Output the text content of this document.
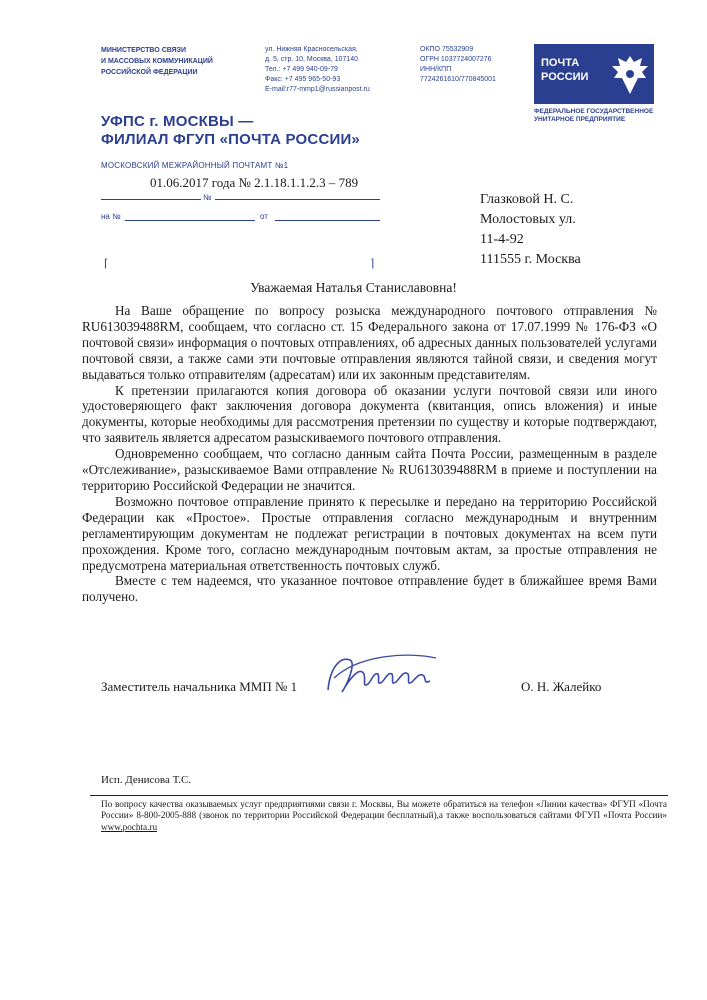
МИНИСТЕРСТВО СВЯЗИ
И МАССОВЫХ КОММУНИКАЦИЙ
РОССИЙСКОЙ ФЕДЕРАЦИИ
ул. Нижняя Красносельская,
д. 5, стр. 10, Москва, 107140
Тел.: +7 499 940-09-79
Факс: +7 495 965-50-93
E-mail:r77-mmp1@russianpost.ru
ОКПО 75532909
ОГРН 1037724007276
ИНН/КПП
7724261610/770845001
ПОЧТА
РОССИИ
ФЕДЕРАЛЬНОЕ ГОСУДАРСТВЕННОЕ
УНИТАРНОЕ ПРЕДПРИЯТИЕ
УФПС г. МОСКВЫ —
ФИЛИАЛ ФГУП «ПОЧТА РОССИИ»
МОСКОВСКИЙ МЕЖРАЙОННЫЙ ПОЧТАМТ №1
01.06.2017 года № 2.1.18.1.1.2.3 – 789
№
на №	от
⌈	⌉
Глазковой Н. С.
Молостовых ул.
11-4-92
111555 г. Москва
Уважаемая Наталья Станиславовна!

На Ваше обращение по вопросу розыска международного почтового отправления № RU613039488RM, сообщаем, что согласно ст. 15 Федерального закона от 17.07.1999 № 176-ФЗ «О почтовой связи» информация о почтовых отправлениях, об адресных данных пользователей услугами почтовой связи, а также сами эти почтовые отправления являются тайной связи, и сведения могут выдаваться только отправителям (адресатам) или их законным представителям.

К претензии прилагаются копия договора об оказании услуги почтовой связи или иного удостоверяющего факт заключения договора документа (квитанция, опись вложения) и иные документы, которые необходимы для рассмотрения претензии по существу и которые подтверждают, что заявитель является адресатом разыскиваемого почтового отправления.

Одновременно сообщаем, что согласно данным сайта Почта России, размещенным в разделе «Отслеживание», разыскиваемое Вами отправление № RU613039488RM в приеме и поступлении на территорию Российской Федерации не значится.

Возможно почтовое отправление принято к пересылке и передано на территорию Российской Федерации как «Простое». Простые отправления согласно международным и внутренним регламентирующим документам не подлежат регистрации в почтовых документах на всем пути прохождения. Кроме того, согласно международным почтовым актам, за простые отправления не предусмотрена материальная ответственность почтовых служб.

Вместе с тем надеемся, что указанное почтовое отправление будет в ближайшее время Вами получено.

Заместитель начальника ММП № 1	О. Н. Жалейко
Исп. Денисова Т.С.
По вопросу качества оказываемых услуг предприятиями связи г. Москвы, Вы можете обратиться на телефон «Линии качества» ФГУП «Почта России» 8-800-2005-888 (звонок по территории Российской Федерации бесплатный),а также воспользоваться сайтами ФГУП «Почта России» www.pochta.ru
